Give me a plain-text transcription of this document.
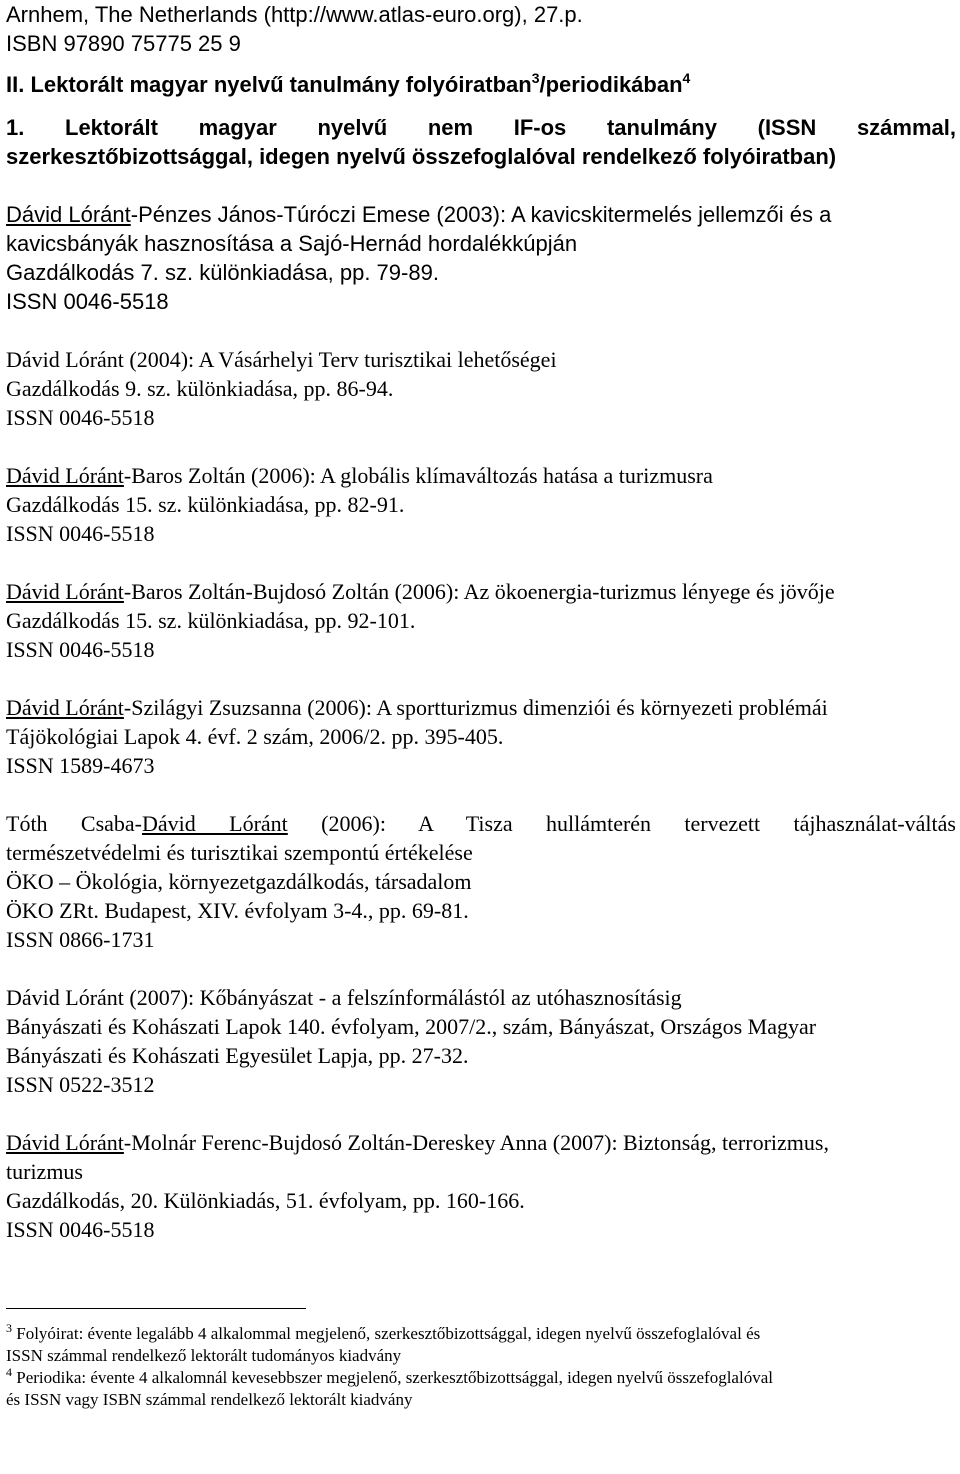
Arnhem, The Netherlands (http://www.atlas-euro.org), 27.p.
ISBN 97890 75775 25 9
II. Lektorált magyar nyelvű tanulmány folyóiratban$^3$/periodikában$^4$
1. Lektorált magyar nyelvű nem IF-os tanulmány (ISSN számmal,
szerkesztőbizottsággal, idegen nyelvű összefoglalóval rendelkező folyóiratban)
Dávid Lóránt-Pénzes János-Túróczi Emese (2003): A kavicskitermelés jellemzői és a
kavicsbányák hasznosítása a Sajó-Hernád hordalékkúpján
Gazdálkodás 7. sz. különkiadása, pp. 79-89.
ISSN 0046-5518
Dávid Lóránt (2004): A Vásárhelyi Terv turisztikai lehetőségei
Gazdálkodás 9. sz. különkiadása, pp. 86-94.
ISSN 0046-5518
Dávid Lóránt-Baros Zoltán (2006): A globális klímaváltozás hatása a turizmusra
Gazdálkodás 15. sz. különkiadása, pp. 82-91.
ISSN 0046-5518
Dávid Lóránt-Baros Zoltán-Bujdosó Zoltán (2006): Az ökoenergia-turizmus lényege és jövője
Gazdálkodás 15. sz. különkiadása, pp. 92-101.
ISSN 0046-5518
Dávid Lóránt-Szilágyi Zsuzsanna (2006): A sportturizmus dimenziói és környezeti problémái
Tájökológiai Lapok 4. évf. 2 szám, 2006/2. pp. 395-405.
ISSN 1589-4673
Tóth Csaba-Dávid Lóránt (2006): A Tisza hullámterén tervezett tájhasználat-váltás
természetvédelmi és turisztikai szempontú értékelése
ÖKO – Ökológia, környezetgazdálkodás, társadalom
ÖKO ZRt. Budapest, XIV. évfolyam 3-4., pp. 69-81.
ISSN 0866-1731
Dávid Lóránt (2007): Kőbányászat - a felszínformálástól az utóhasznosításig
Bányászati és Kohászati Lapok 140. évfolyam, 2007/2., szám, Bányászat, Országos Magyar
Bányászati és Kohászati Egyesület Lapja, pp. 27-32.
ISSN 0522-3512
Dávid Lóránt-Molnár Ferenc-Bujdosó Zoltán-Dereskey Anna (2007): Biztonság, terrorizmus,
turizmus
Gazdálkodás, 20. Különkiadás, 51. évfolyam, pp. 160-166.
ISSN 0046-5518
$^3$ Folyóirat: évente legalább 4 alkalommal megjelenő, szerkesztőbizottsággal, idegen nyelvű összefoglalóval és
ISSN számmal rendelkező lektorált tudományos kiadvány
$^4$ Periodika: évente 4 alkalomnál kevesebbszer megjelenő, szerkesztőbizottsággal, idegen nyelvű összefoglalóval
és ISSN vagy ISBN számmal rendelkező lektorált kiadvány
